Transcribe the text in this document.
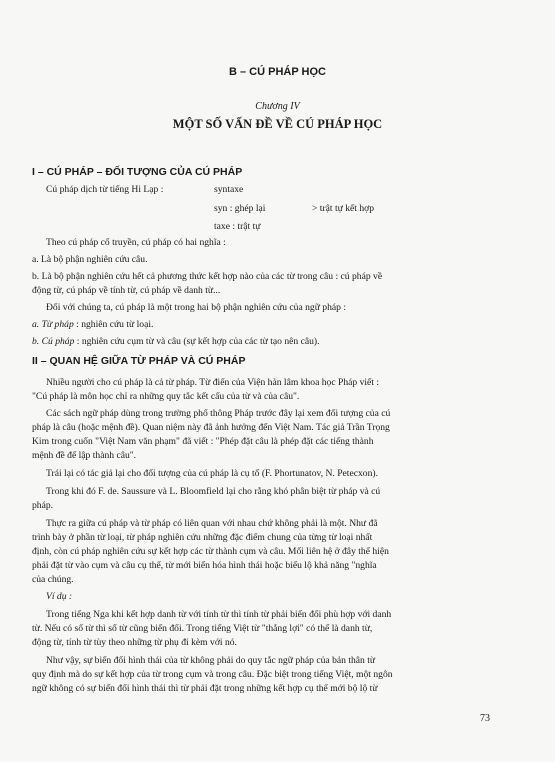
B – CÚ PHÁP HỌC
Chương IV
MỘT SỐ VẤN ĐỀ VỀ CÚ PHÁP HỌC
I – CÚ PHÁP – ĐỐI TƯỢNG CỦA CÚ PHÁP
Cú pháp dịch từ tiếng Hi Lạp :	syntaxe
syn : ghép lại	> trật tự kết hợp
taxe : trật tự
Theo cú pháp cổ truyền, cú pháp có hai nghĩa :
a. Là bộ phận nghiên cứu câu.
b. Là bộ phận nghiên cứu hết cả phương thức kết hợp nào của các từ trong câu : cú pháp về
động từ, cú pháp về tính từ, cú pháp về danh từ...
Đối với chúng ta, cú pháp là một trong hai bộ phận nghiên cứu của ngữ pháp :
a. Từ pháp : nghiên cứu từ loại.
b. Cú pháp : nghiên cứu cụm từ và câu (sự kết hợp của các từ tạo nên câu).
II – QUAN HỆ GIỮA TỪ PHÁP VÀ CÚ PHÁP
Nhiều người cho cú pháp là cả từ pháp. Từ điển của Viện hàn lâm khoa học Pháp viết :
"Cú pháp là môn học chỉ ra những quy tắc kết cấu của từ và của câu".
Các sách ngữ pháp dùng trong trường phổ thông Pháp trước đây lại xem đối tượng của cú
pháp là câu (hoặc mệnh đề). Quan niệm này đã ảnh hưởng đến Việt Nam. Tác giả Trần Trọng
Kim trong cuốn "Việt Nam văn phạm" đã viết : "Phép đặt câu là phép đặt các tiếng thành
mệnh đề để lập thành câu".
Trái lại có tác giả lại cho đối tượng của cú pháp là cụ tố (F. Phortunatov, N. Petecxon).
Trong khi đó F. de. Saussure và L. Bloomfield lại cho rằng khó phân biệt từ pháp và cú
pháp.
Thực ra giữa cú pháp và từ pháp có liên quan với nhau chứ không phải là một. Như đã
trình bày ở phần từ loại, từ pháp nghiên cứu những đặc điểm chung của từng từ loại nhất
định, còn cú pháp nghiên cứu sự kết hợp các từ thành cụm và câu. Mối liên hệ ở đây thể hiện
phải đặt từ vào cụm và câu cụ thể, từ mới biến hóa hình thái hoặc biểu lộ khả năng "nghĩa
của chúng.
Ví dụ :
Trong tiếng Nga khi kết hợp danh từ với tính từ thì tính từ phải biến đổi phù hợp với danh
từ. Nếu có số từ thì số từ cũng biến đổi. Trong tiếng Việt từ "thắng lợi" có thể là danh từ,
động từ, tính từ tùy theo những từ phụ đi kèm với nó.
Như vậy, sự biến đổi hình thái của từ không phải do quy tắc ngữ pháp của bản thân từ
quy định mà do sự kết hợp của từ trong cụm và trong câu. Đặc biệt trong tiếng Việt, một ngôn
ngữ không có sự biến đổi hình thái thì từ phải đặt trong những kết hợp cụ thể mới bộ lộ từ
73
